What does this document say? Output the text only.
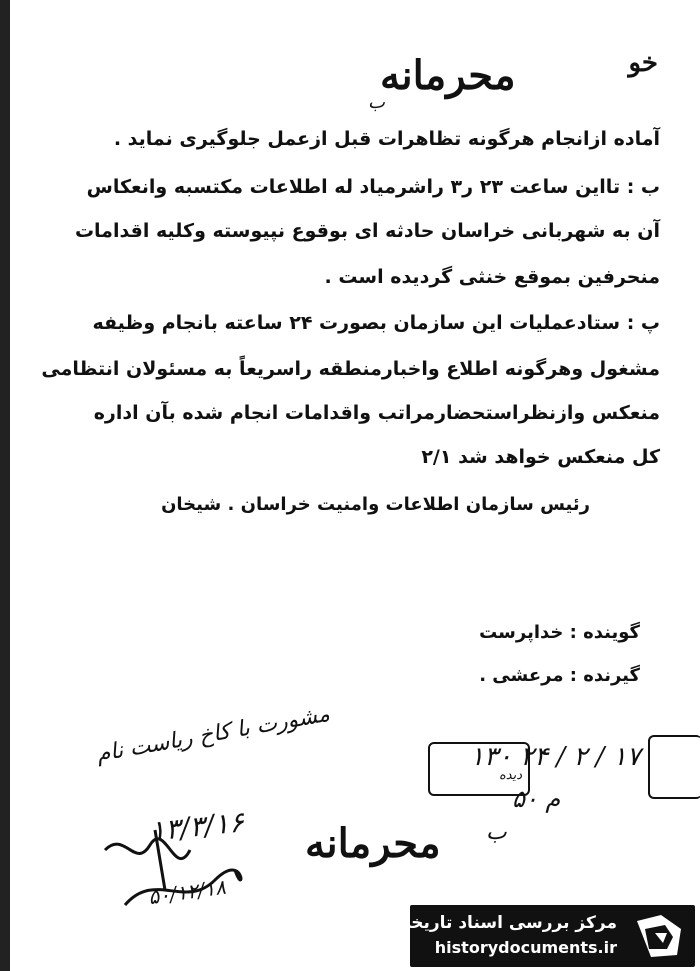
خو
محرمانه
ب
آماده ازانجام هرگونه تظاهرات قبل ازعمل جلوگیری نماید .
ب : تااین ساعت ۲۳ ر۳ راشرمیاد له اطلاعات مکتسبه وانعکاس
آن به شهربانی خراسان حادثه ای بوقوع نپیوسته وکلیه اقدامات
منحرفین بموقع خنثی گردیده است .
پ : ستادعملیات این سازمان بصورت ۲۴ ساعته بانجام وظیفه
مشغول وهرگونه اطلاع واخبارمنطقه راسریعاً به مسئولان انتظامی
منعکس وازنظراستحضارمراتب واقدامات انجام شده بآن اداره
کل منعکس خواهد شد ۲/۱
رئیس سازمان اطلاعات وامنیت خراسان . شیخان
گوینده : خداپرست
گیرنده : مرعشی .
مشورت با کاخ ریاست نام
دیده
۱۳۰ ۲۴ / ۲ / ۱۷
۵۰ م
۱۳/۳/۱۶
۵۰/۱۲/۱۸
محرمانه ب
مرکز بررسی اسناد تاریخی
historydocuments.ir
